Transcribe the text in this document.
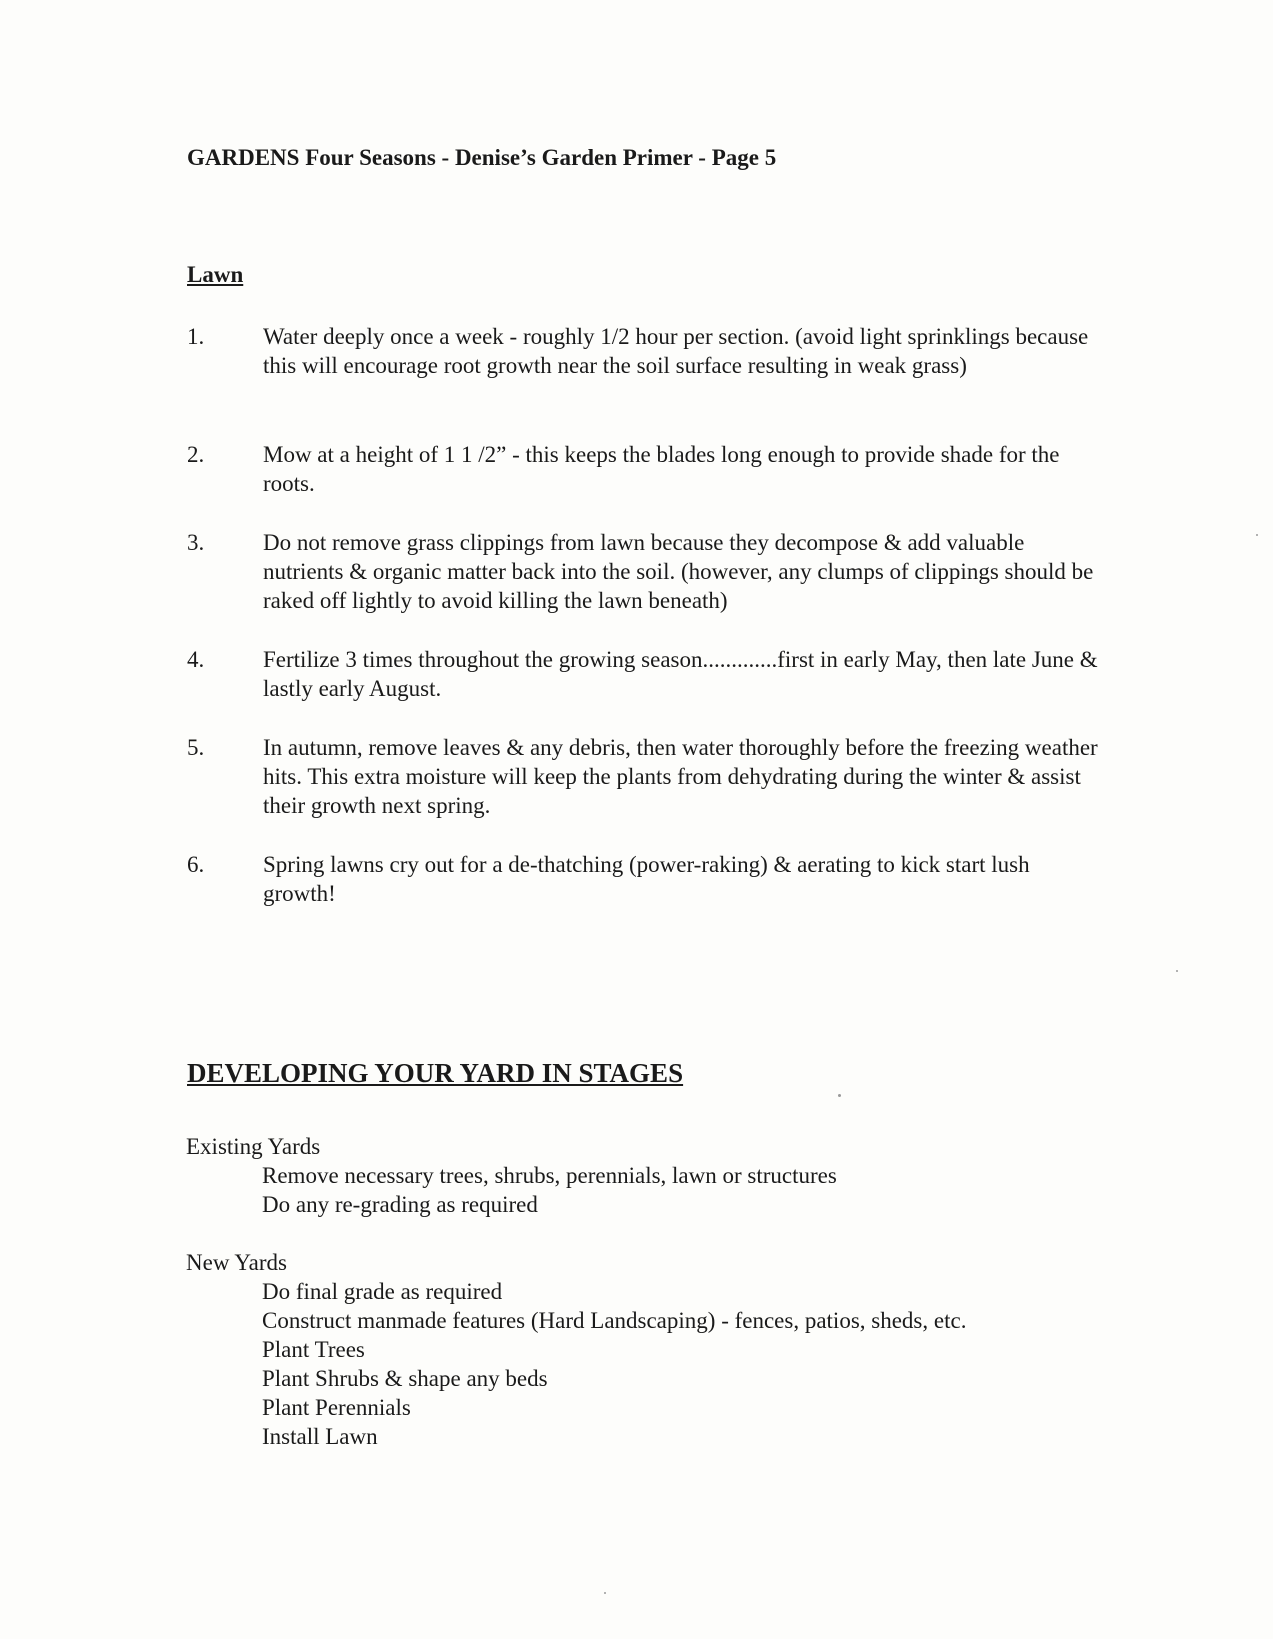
GARDENS Four Seasons - Denise’s Garden Primer - Page 5
Lawn
1.	Water deeply once a week - roughly 1/2 hour per section. (avoid light sprinklings because this will encourage root growth near the soil surface resulting in weak grass)
2.	Mow at a height of 1 1 /2” - this keeps the blades long enough to provide shade for the roots.
3.	Do not remove grass clippings from lawn because they decompose & add valuable nutrients & organic matter back into the soil. (however, any clumps of clippings should be raked off lightly to avoid killing the lawn beneath)
4.	Fertilize 3 times throughout the growing season.............first in early May, then late June & lastly early August.
5.	In autumn, remove leaves & any debris, then water thoroughly before the freezing weather hits. This extra moisture will keep the plants from dehydrating during the winter & assist their growth next spring.
6.	Spring lawns cry out for a de-thatching (power-raking) & aerating to kick start lush growth!
DEVELOPING YOUR YARD IN STAGES
Existing Yards
Remove necessary trees, shrubs, perennials, lawn or structures
Do any re-grading as required
New Yards
Do final grade as required
Construct manmade features (Hard Landscaping) - fences, patios, sheds, etc.
Plant Trees
Plant Shrubs & shape any beds
Plant Perennials
Install Lawn
